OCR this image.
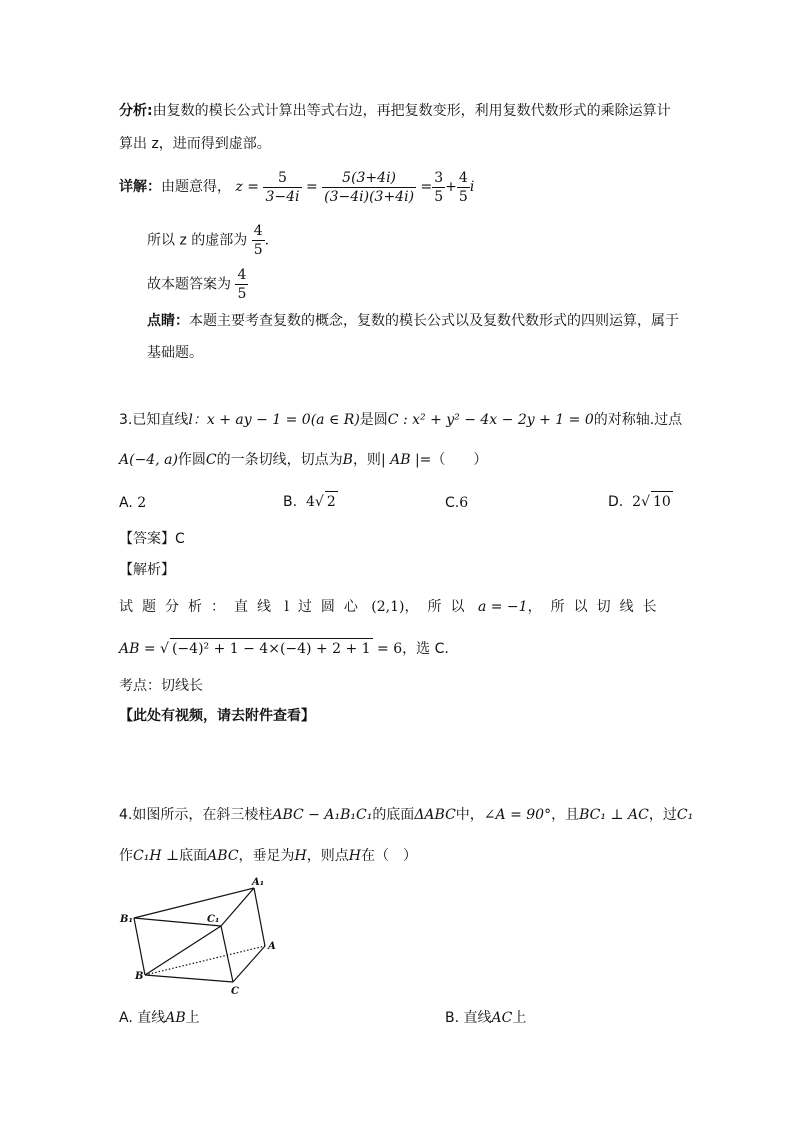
分析:由复数的模长公式计算出等式右边，再把复数变形，利用复数代数形式的乘除运算计
算出 z，进而得到虚部。
详解：由题意得， $z = \frac{5}{3-4i} = \frac{5(3+4i)}{(3-4i)(3+4i)} = \frac{3}{5} + \frac{4}{5}$ i
所以 z 的虚部为 $\frac{4}{5}$ .
故本题答案为 $\frac{4}{5}$
点睛：本题主要考查复数的概念，复数的模长公式以及复数代数形式的四则运算，属于
基础题。
3.已知直线l：x + ay − 1 = 0(a ∈ R)是圆C : x² + y² − 4x − 2y + 1 = 0的对称轴.过点
A(−4, a)作圆C的一条切线，切点为B，则| AB |=（　　）
A. 2	B. 4√ 2	C.6	D. 2√ 10
【答案】C
【解析】
试题分析：直线 l 过圆心 (2,1)，所以 a = −1，所以切线长
AB = √ (−4)² + 1 − 4×(−4) + 2 + 1 = 6，选 C.
考点：切线长
【此处有视频，请去附件查看】
4.如图所示，在斜三棱柱ABC − A₁B₁C₁的底面ΔABC中，∠A = 90°，且BC₁ ⊥ AC，过C₁
作C₁H ⊥底面ABC，垂足为H，则点H在（　）
A₁
B₁	C₁
A
B
C
A. 直线AB上	B. 直线AC上
